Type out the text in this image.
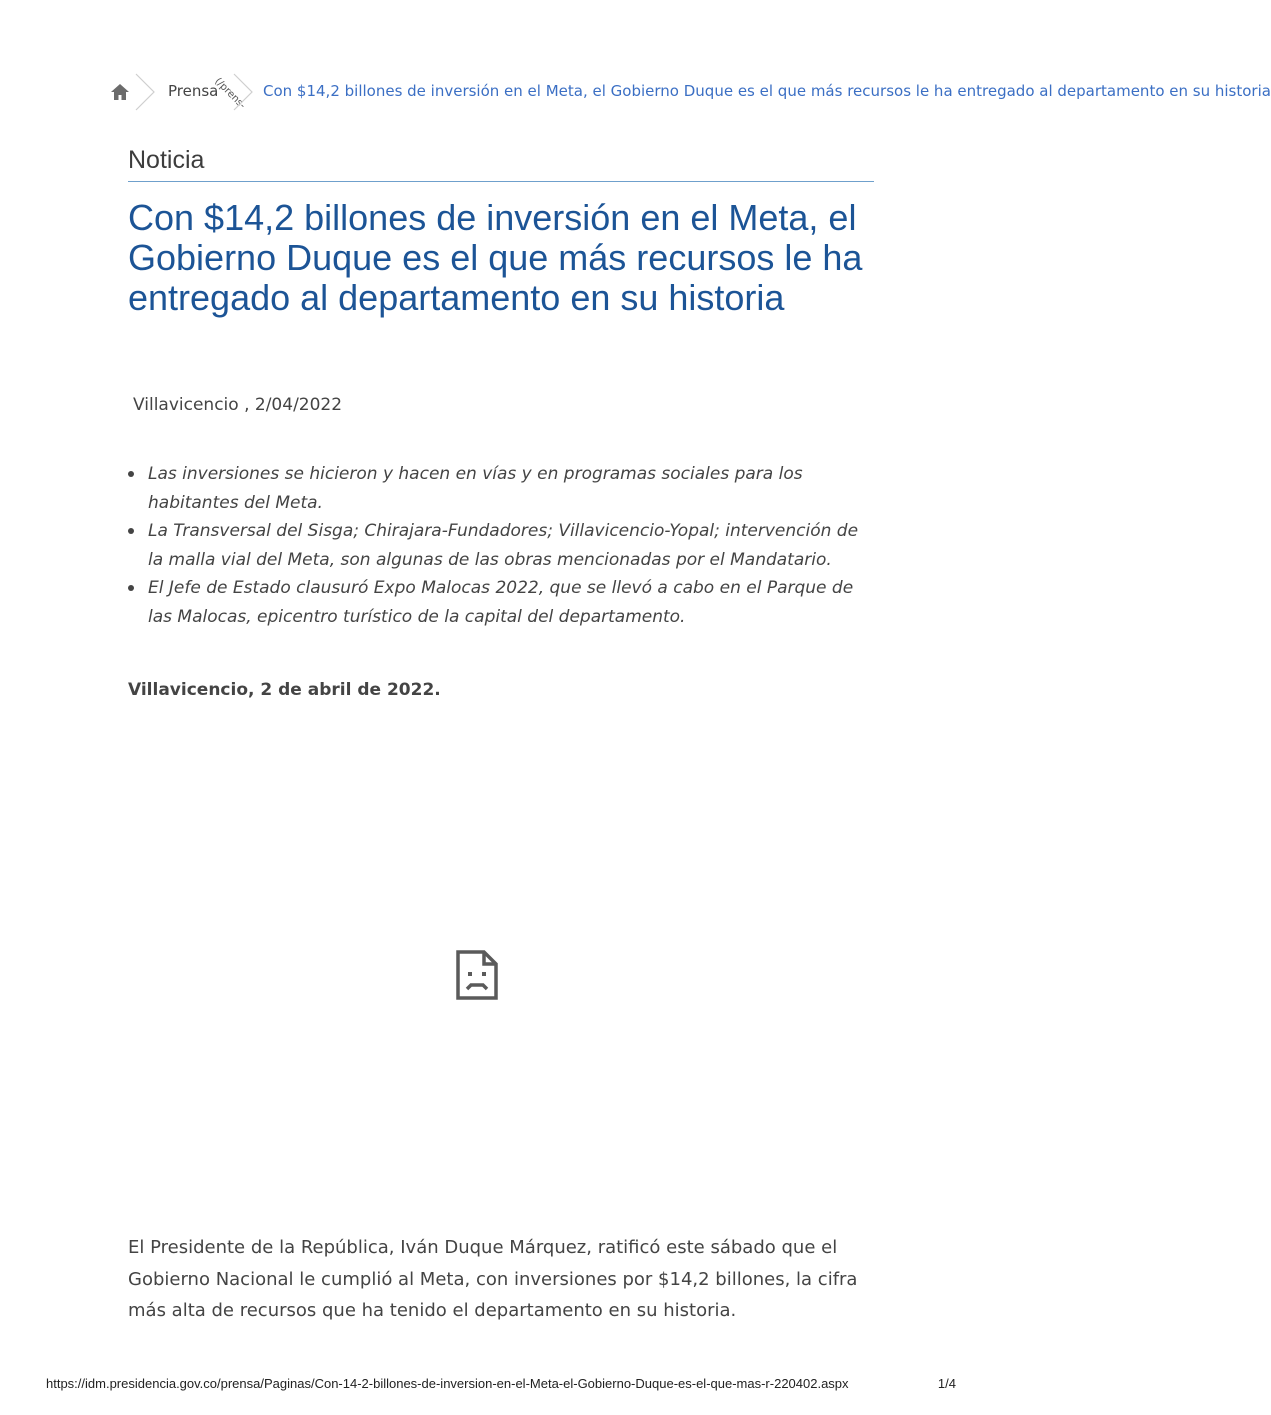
Prensa
(/prens- Con $14,2 billones de inversión en el Meta, el Gobierno Duque es el que más recursos le ha entregado al departamento en su historia
Noticia
Con $14,2 billones de inversión en el Meta, el Gobierno Duque es el que más recursos le ha entregado al departamento en su historia
Villavicencio , 2/04/2022
Las inversiones se hicieron y hacen en vías y en programas sociales para los habitantes del Meta.
La Transversal del Sisga; Chirajara-Fundadores; Villavicencio-Yopal; intervención de la malla vial del Meta, son algunas de las obras mencionadas por el Mandatario.
El Jefe de Estado clausuró Expo Malocas 2022, que se llevó a cabo en el Parque de las Malocas, epicentro turístico de la capital del departamento.
Villavicencio, 2 de abril de 2022.

El Presidente de la República, Iván Duque Márquez, ratificó este sábado que el Gobierno Nacional le cumplió al Meta, con inversiones por $14,2 billones, la cifra más alta de recursos que ha tenido el departamento en su historia.

https://idm.presidencia.gov.co/prensa/Paginas/Con-14-2-billones-de-inversion-en-el-Meta-el-Gobierno-Duque-es-el-que-mas-r-220402.aspx	1/4
